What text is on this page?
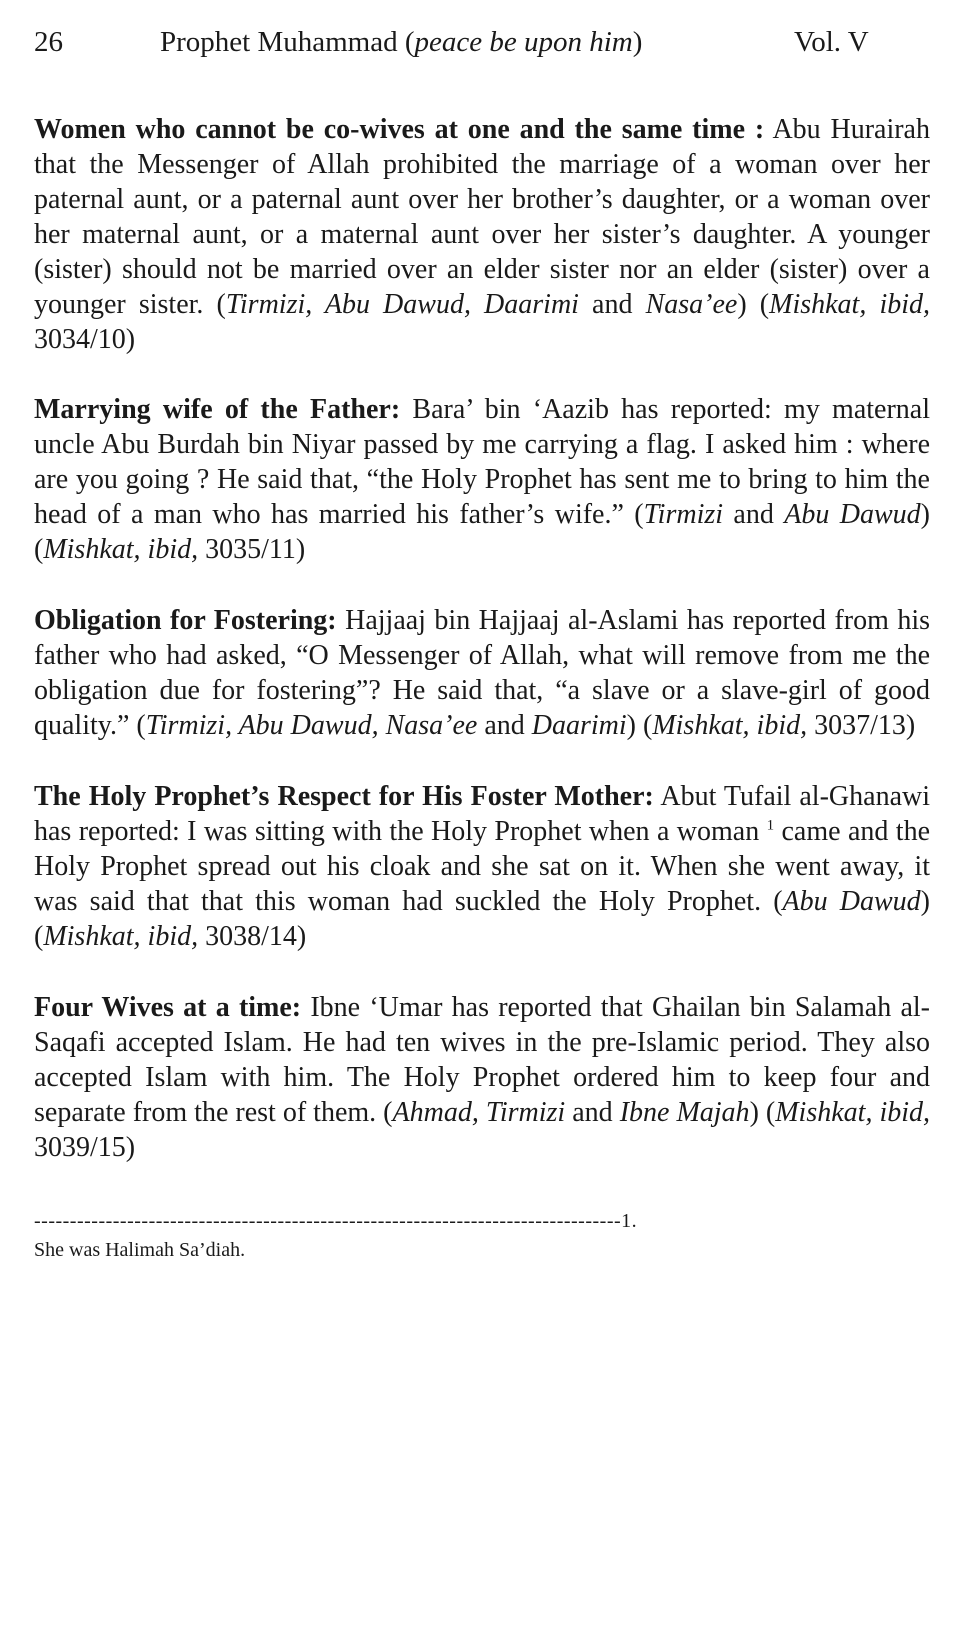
26	Prophet Muhammad (peace be upon him)	Vol. V

Women who cannot be co-wives at one and the same time : Abu Hurairah that the Messenger of Allah prohibited the marriage of a woman over her paternal aunt, or a paternal aunt over her brother’s daughter, or a woman over her maternal aunt, or a maternal aunt over her sister’s daughter. A younger (sister) should not be married over an elder sister nor an elder (sister) over a younger sister. (Tirmizi, Abu Dawud, Daarimi and Nasa’ee) (Mishkat, ibid, 3034/10)

Marrying wife of the Father: Bara’ bin ‘Aazib has reported: my maternal uncle Abu Burdah bin Niyar passed by me carrying a flag. I asked him : where are you going ? He said that, “the Holy Prophet has sent me to bring to him the head of a man who has married his father’s wife.” (Tirmizi and Abu Dawud) (Mishkat, ibid, 3035/11)

Obligation for Fostering: Hajjaaj bin Hajjaaj al-Aslami has reported from his father who had asked, “O Messenger of Allah, what will remove from me the obligation due for fostering”? He said that, “a slave or a slave-girl of good quality.” (Tirmizi, Abu Dawud, Nasa’ee and Daarimi) (Mishkat, ibid, 3037/13)

The Holy Prophet’s Respect for His Foster Mother: Abut Tufail al-Ghanawi has reported: I was sitting with the Holy Prophet when a woman $^1$ came and the Holy Prophet spread out his cloak and she sat on it. When she went away, it was said that that this woman had suckled the Holy Prophet. (Abu Dawud) (Mishkat, ibid, 3038/14)

Four Wives at a time: Ibne ‘Umar has reported that Ghailan bin Salamah al-Saqafi accepted Islam. He had ten wives in the pre-Islamic period. They also accepted Islam with him. The Holy Prophet ordered him to keep four and separate from the rest of them. (Ahmad, Tirmizi and Ibne Majah) (Mishkat, ibid, 3039/15)

----------------------------------------------------------------------------------1.
She was Halimah Sa’diah.
